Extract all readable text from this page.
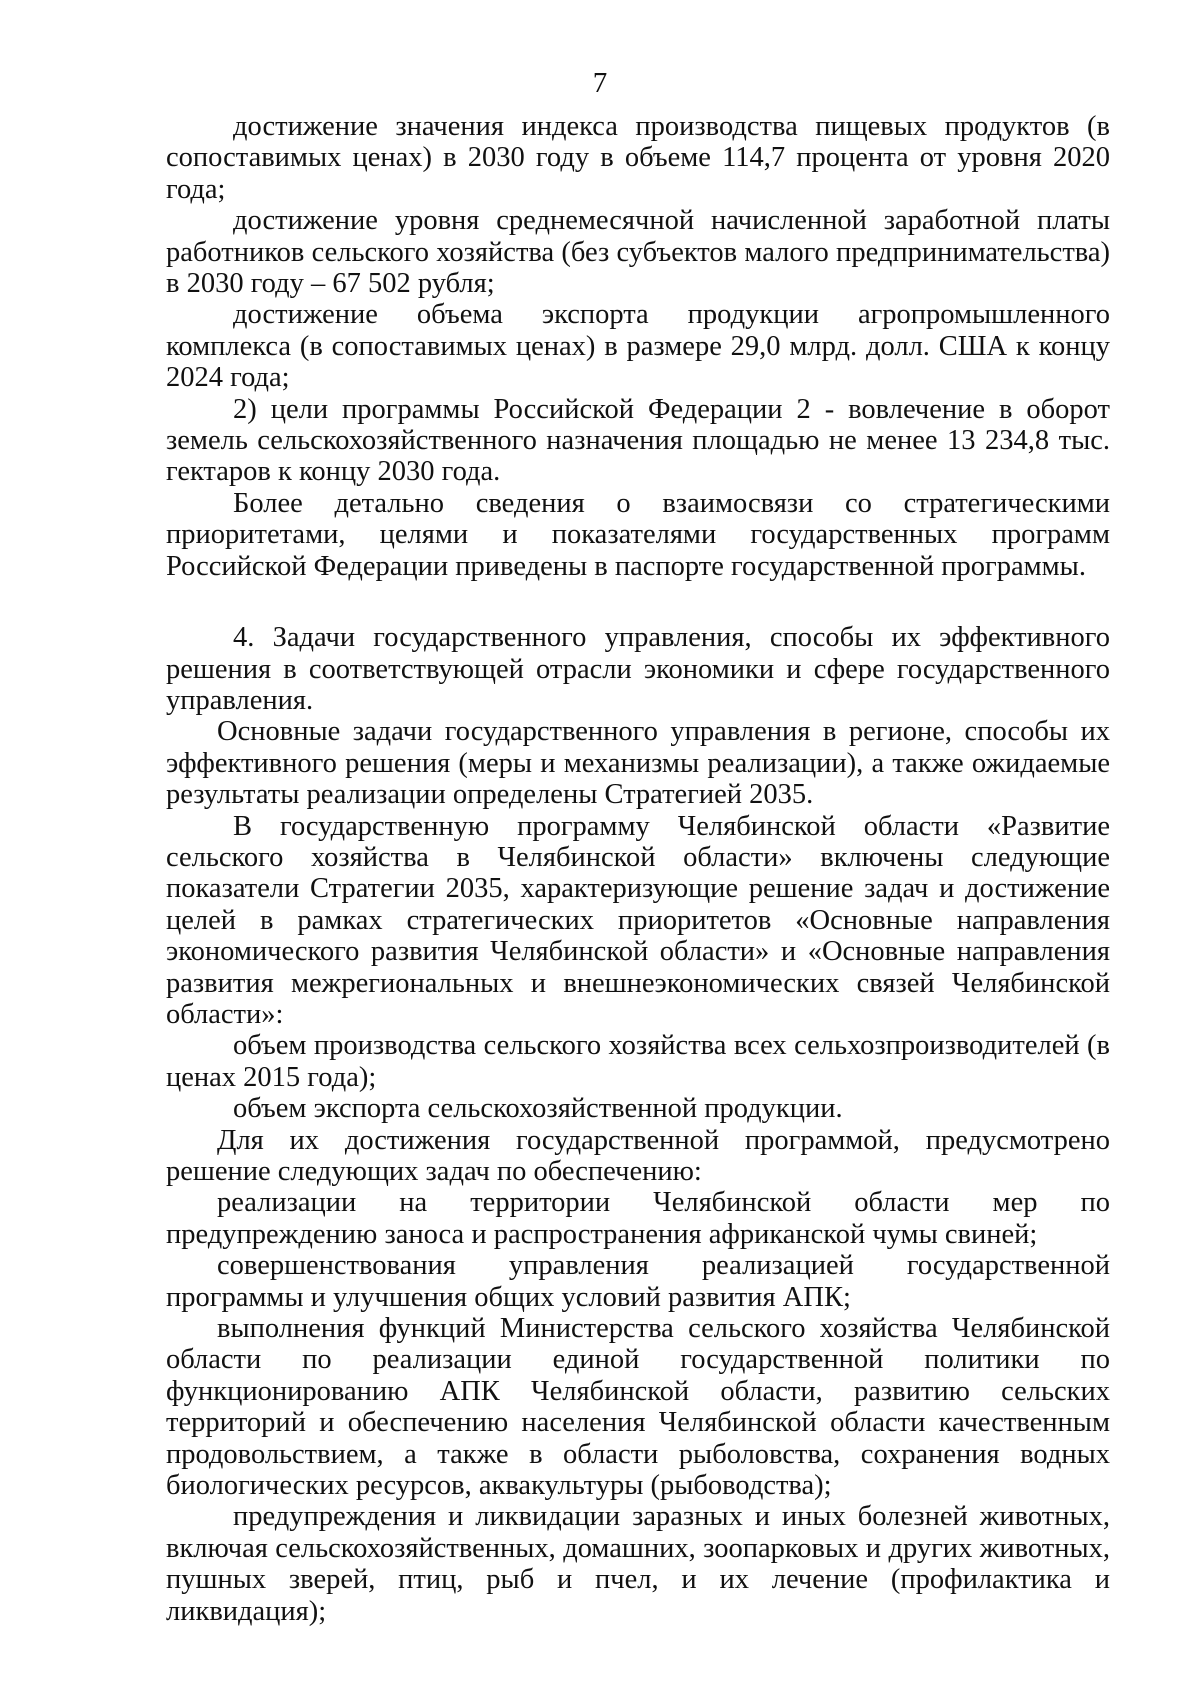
7

достижение значения индекса производства пищевых продуктов (в сопоставимых ценах) в 2030 году в объеме 114,7 процента от уровня 2020 года;

достижение уровня среднемесячной начисленной заработной платы работников сельского хозяйства (без субъектов малого предпринимательства) в 2030 году – 67 502 рубля;

достижение объема экспорта продукции агропромышленного комплекса (в сопоставимых ценах) в размере 29,0 млрд. долл. США к концу 2024 года;

2) цели программы Российской Федерации 2 - вовлечение в оборот земель сельскохозяйственного назначения площадью не менее 13 234,8 тыс. гектаров к концу 2030 года.

Более детально сведения о взаимосвязи со стратегическими приоритетами, целями и показателями государственных программ Российской Федерации приведены в паспорте государственной программы.

4. Задачи государственного управления, способы их эффективного решения в соответствующей отрасли экономики и сфере государственного управления.

Основные задачи государственного управления в регионе, способы их эффективного решения (меры и механизмы реализации), а также ожидаемые результаты реализации определены Стратегией 2035.

В государственную программу Челябинской области «Развитие сельского хозяйства в Челябинской области» включены следующие показатели Стратегии 2035, характеризующие решение задач и достижение целей в рамках стратегических приоритетов «Основные направления экономического развития Челябинской области» и «Основные направления развития межрегиональных и внешнеэкономических связей Челябинской области»:

объем производства сельского хозяйства всех сельхозпроизводителей (в ценах 2015 года);

объем экспорта сельскохозяйственной продукции.

Для их достижения государственной программой, предусмотрено решение следующих задач по обеспечению:

реализации на территории Челябинской области мер по предупреждению заноса и распространения африканской чумы свиней;

совершенствования управления реализацией государственной программы и улучшения общих условий развития АПК;

выполнения функций Министерства сельского хозяйства Челябинской области по реализации единой государственной политики по функционированию АПК Челябинской области, развитию сельских территорий и обеспечению населения Челябинской области качественным продовольствием, а также в области рыболовства, сохранения водных биологических ресурсов, аквакультуры (рыбоводства);

предупреждения и ликвидации заразных и иных болезней животных, включая сельскохозяйственных, домашних, зоопарковых и других животных, пушных зверей, птиц, рыб и пчел, и их лечение (профилактика и ликвидация);
